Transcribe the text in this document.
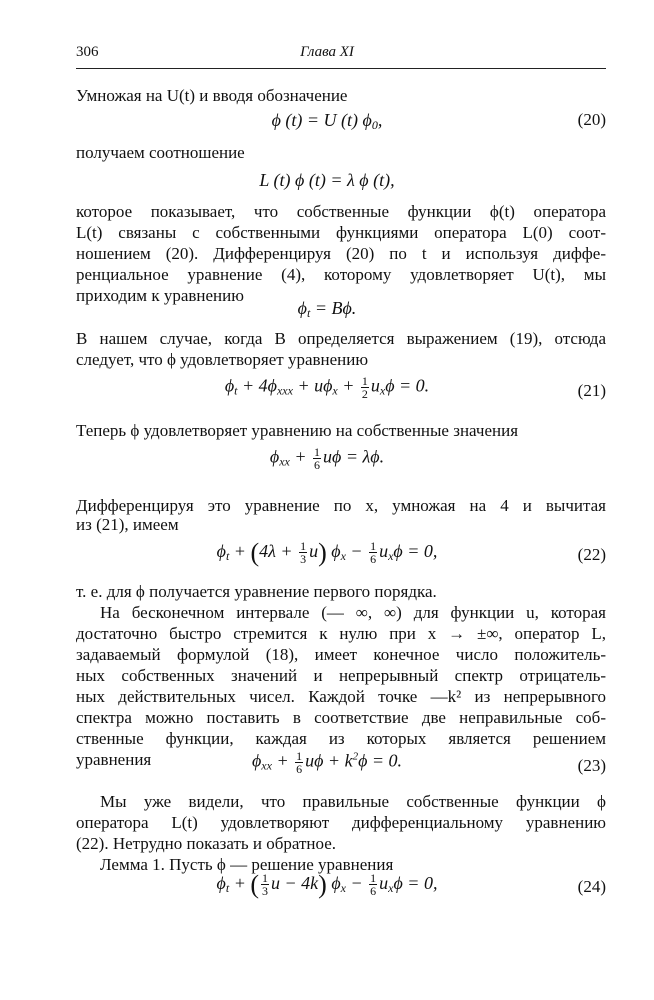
306	Глава XI
Умножая на U(t) и вводя обозначение
ϕ (t) = U (t) $\phi_0$,	(20)
получаем соотношение
L (t) ϕ (t) = λ ϕ (t),
которое показывает, что собственные функции ϕ(t) оператора
L(t) связаны с собственными функциями оператора L(0) соот-
ношением (20). Дифференцируя (20) по t и используя диффе-
ренциальное уравнение (4), которому удовлетворяет U(t), мы
приходим к уравнению
$\phi_t = B\phi$.
В нашем случае, когда B определяется выражением (19), отсюда
следует, что ϕ удовлетворяет уравнению
$\phi_t + 4\phi_{xxx} + u\phi_x + \frac{1}{2} u_x\phi = 0$.	(21)
Теперь ϕ удовлетворяет уравнению на собственные значения
$\phi_{xx} + \frac{1}{6}$ uϕ = λϕ.
Дифференцируя это уравнение по x, умножая на 4 и вычитая
из (21), имеем
$\phi_t + (4\lambda + \frac{1}{3} u) \phi_x - \frac{1}{6} u_x\phi = 0$,	(22)
т. е. для ϕ получается уравнение первого порядка.
На бесконечном интервале (— ∞, ∞) для функции u, которая
достаточно быстро стремится к нулю при x → ±∞, оператор L,
задаваемый формулой (18), имеет конечное число положитель-
ных собственных значений и непрерывный спектр отрицатель-
ных действительных чисел. Каждой точке —k² из непрерывного
спектра можно поставить в соответствие две неправильные соб-
ственные функции, каждая из которых является решением
уравнения	$\phi_{xx} + \frac{1}{6}$ $u\phi + k^2\phi = 0$.	(23)
Мы уже видели, что правильные собственные функции ϕ
оператора L(t) удовлетворяют дифференциальному уравнению
(22). Нетрудно показать и обратное.
Лемма 1. Пусть ϕ — решение уравнения
$\phi_t$ + ( $\frac{1}{3}$ u − 4k) $\phi_x - \frac{1}{6} u_x\phi = 0$,	(24)
